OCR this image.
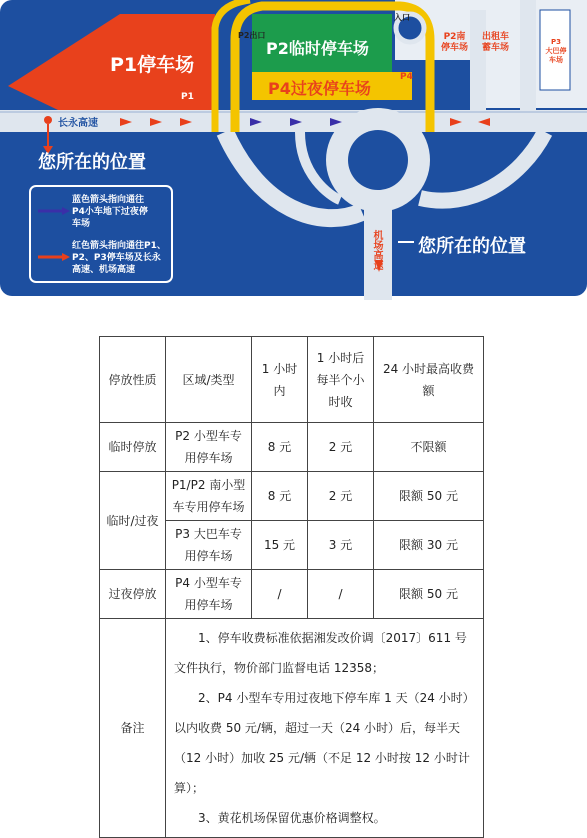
P1停车场
P2临时停车场
P4过夜停车场
P2出口
入口
P1
P4
P2南
停车场
出租车
蓄车场
P3
大巴停车场
长永高速
机场高速
您所在的位置
您所在的位置
蓝色箭头指向通往
P4小车地下过夜停
车场
红色箭头指向通往P1、
P2、P3停车场及长永
高速、机场高速
停放性质	区域/类型	1 小时内	1 小时后每半个小时收	24 小时最高收费额
临时停放	P2 小型车专用停车场	8 元	2 元	不限额
临时/过夜	P1/P2 南小型车专用停车场	8 元	2 元	限额 50 元
	P3 大巴车专用停车场	15 元	3 元	限额 30 元
过夜停放	P4 小型车专用停车场	/	/	限额 50 元
备注	1、停车收费标准依据湘发改价调〔2017〕611 号文件执行，物价部门监督电话 12358；
2、P4 小型车专用过夜地下停车库 1 天（24 小时）以内收费 50 元/辆，超过一天（24 小时）后，每半天（12 小时）加收 25 元/辆（不足 12 小时按 12 小时计算）；
3、黄花机场保留优惠价格调整权。			
